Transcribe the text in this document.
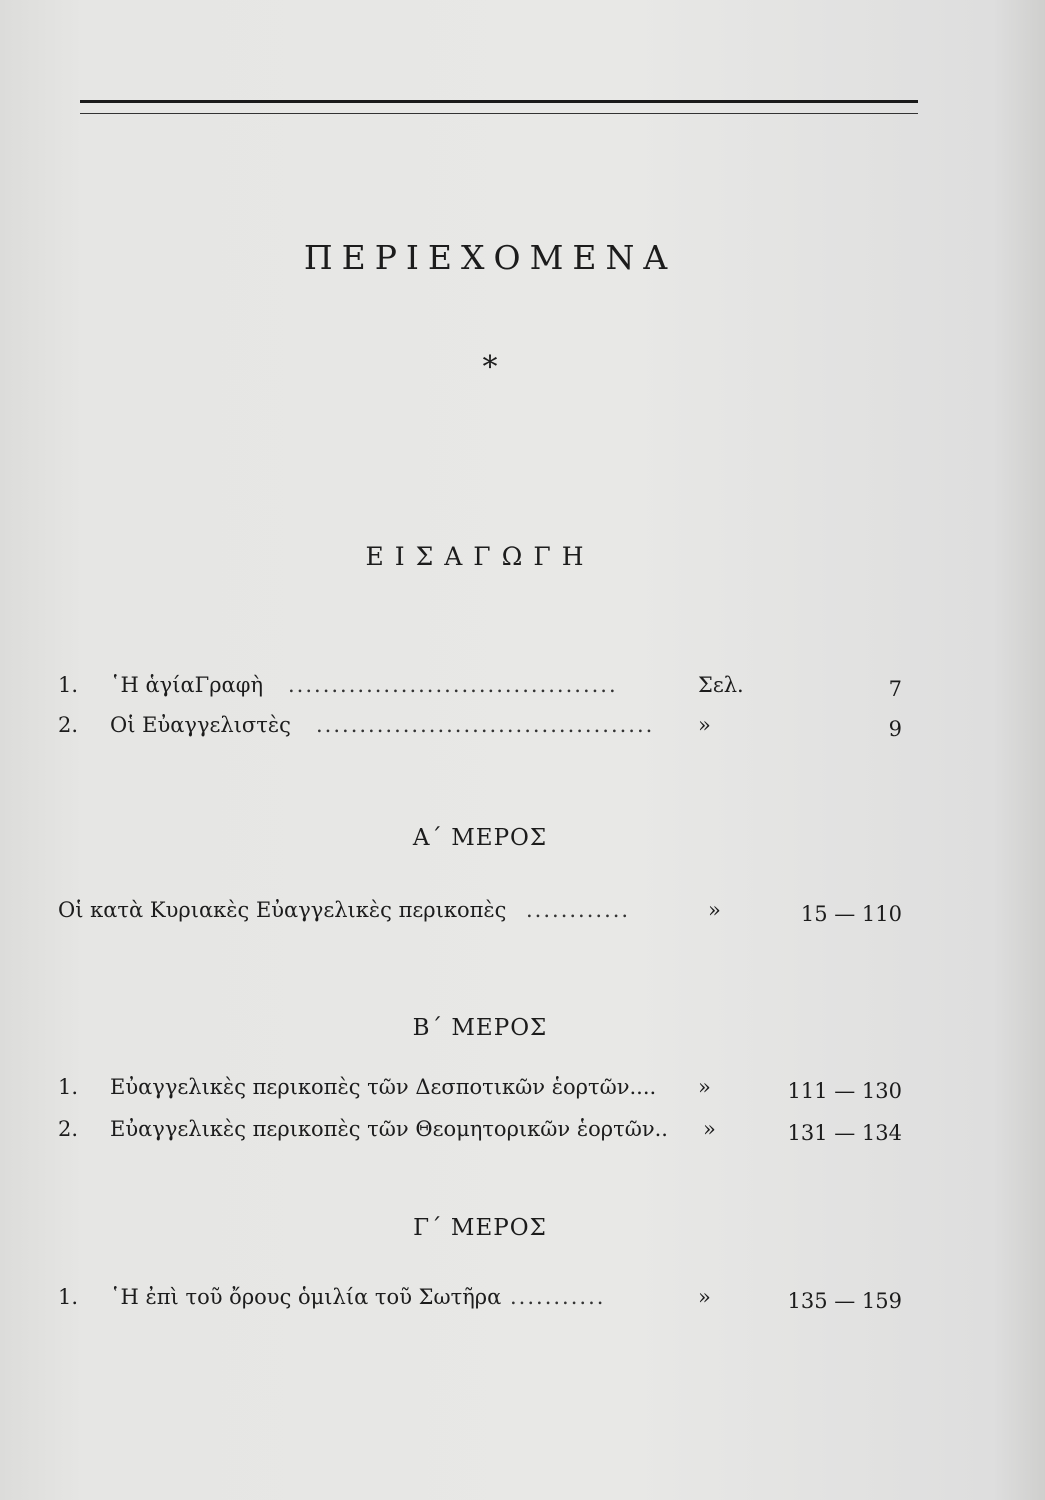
ΠΕΡΙΕΧΟΜΕΝΑ
*
ΕΙΣΑΓΩΓΗ
1. ῾Η ἁγίαΓραφὴ ......................................	Σελ.	7
2. Οἱ Εὐαγγελιστὲς .......................................	»	9
Α΄ ΜΕΡΟΣ
Οἱ κατὰ Κυριακὲς Εὐαγγελικὲς περικοπὲς ............	»	15 — 110
Β΄ ΜΕΡΟΣ
1. Εὐαγγελικὲς περικοπὲς τῶν Δεσποτικῶν ἑορτῶν.... »	111 — 130
2. Εὐαγγελικὲς περικοπὲς τῶν Θεομητορικῶν ἑορτῶν.. »	131 — 134
Γ΄ ΜΕΡΟΣ
1. ῾Η ἐπὶ τοῦ ὄρους ὁμιλία τοῦ Σωτῆρα ...........	»	135 — 159
